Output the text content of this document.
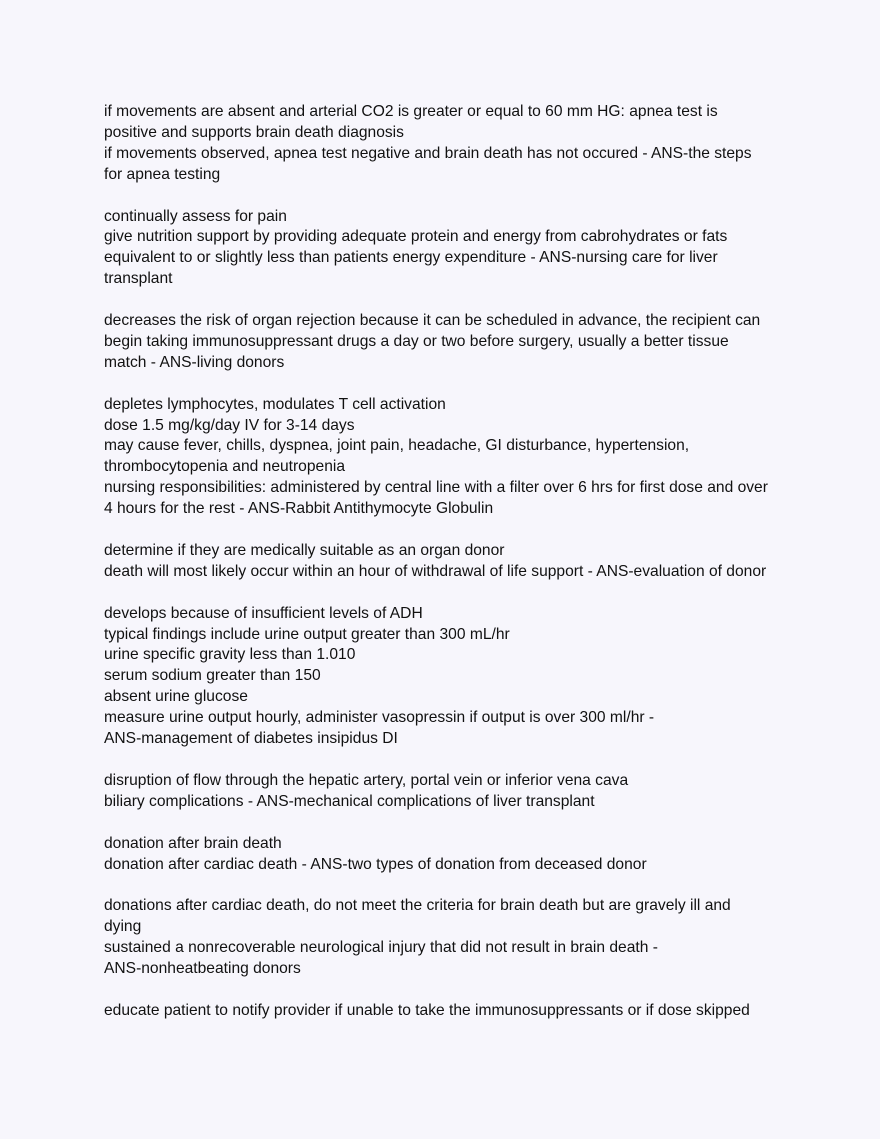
if movements are absent and arterial CO2 is greater or equal to 60 mm HG: apnea test is
positive and supports brain death diagnosis
if movements observed, apnea test negative and brain death has not occured - ANS-the steps
for apnea testing
continually assess for pain
give nutrition support by providing adequate protein and energy from cabrohydrates or fats
equivalent to or slightly less than patients energy expenditure - ANS-nursing care for liver
transplant
decreases the risk of organ rejection because it can be scheduled in advance, the recipient can
begin taking immunosuppressant drugs a day or two before surgery, usually a better tissue
match - ANS-living donors
depletes lymphocytes, modulates T cell activation
dose 1.5 mg/kg/day IV for 3-14 days
may cause fever, chills, dyspnea, joint pain, headache, GI disturbance, hypertension,
thrombocytopenia and neutropenia
nursing responsibilities: administered by central line with a filter over 6 hrs for first dose and over
4 hours for the rest - ANS-Rabbit Antithymocyte Globulin
determine if they are medically suitable as an organ donor
death will most likely occur within an hour of withdrawal of life support - ANS-evaluation of donor
develops because of insufficient levels of ADH
typical findings include urine output greater than 300 mL/hr
urine specific gravity less than 1.010
serum sodium greater than 150
absent urine glucose
measure urine output hourly, administer vasopressin if output is over 300 ml/hr -
ANS-management of diabetes insipidus DI
disruption of flow through the hepatic artery, portal vein or inferior vena cava
biliary complications - ANS-mechanical complications of liver transplant
donation after brain death
donation after cardiac death - ANS-two types of donation from deceased donor
donations after cardiac death, do not meet the criteria for brain death but are gravely ill and
dying
sustained a nonrecoverable neurological injury that did not result in brain death -
ANS-nonheatbeating donors
educate patient to notify provider if unable to take the immunosuppressants or if dose skipped
